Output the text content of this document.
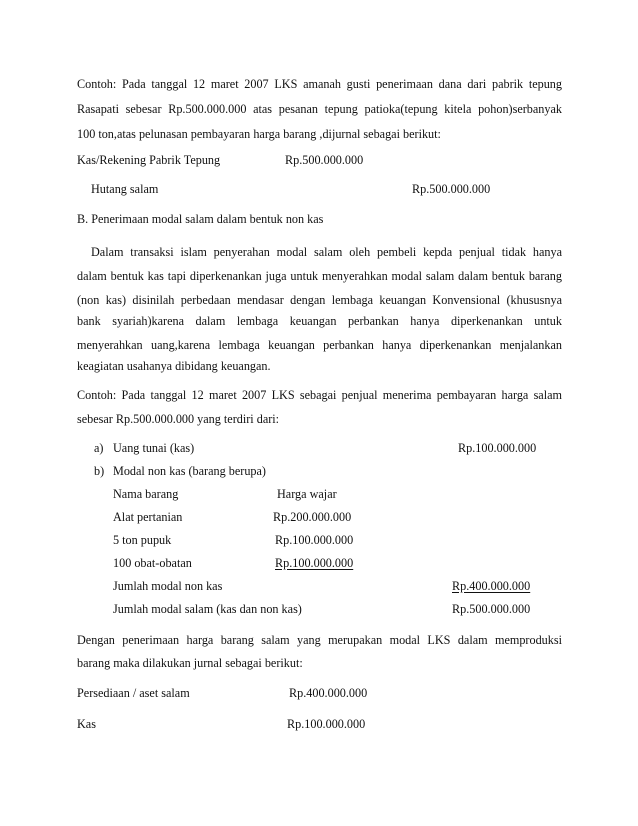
Contoh: Pada tanggal 12 maret 2007 LKS amanah gusti penerimaan dana dari pabrik tepung
Rasapati sebesar Rp.500.000.000 atas pesanan tepung patioka(tepung kitela pohon)serbanyak
100 ton,atas pelunasan pembayaran harga barang ,dijurnal sebagai berikut:
Kas/Rekening Pabrik Tepung	Rp.500.000.000
Hutang salam	Rp.500.000.000
B. Penerimaan modal salam dalam bentuk non kas
Dalam transaksi islam penyerahan modal salam oleh pembeli kepda penjual tidak hanya
dalam bentuk kas tapi diperkenankan juga untuk menyerahkan modal salam dalam bentuk barang
(non kas) disinilah perbedaan mendasar dengan lembaga keuangan Konvensional (khususnya
bank syariah)karena dalam lembaga keuangan perbankan hanya diperkenankan untuk
menyerahkan uang,karena lembaga keuangan perbankan hanya diperkenankan menjalankan
keagiatan usahanya dibidang keuangan.
Contoh: Pada tanggal 12 maret 2007 LKS sebagai penjual menerima pembayaran harga salam
sebesar Rp.500.000.000 yang terdiri dari:
a) Uang tunai (kas)	Rp.100.000.000
b) Modal non kas (barang berupa)
Nama barang	Harga wajar
Alat pertanian	Rp.200.000.000
5 ton pupuk	Rp.100.000.000
100 obat-obatan	Rp.100.000.000
Jumlah modal non kas	Rp.400.000.000
Jumlah modal salam (kas dan non kas)	Rp.500.000.000
Dengan penerimaan harga barang salam yang merupakan modal LKS dalam memproduksi
barang maka dilakukan jurnal sebagai berikut:
Persediaan / aset salam	Rp.400.000.000
Kas	Rp.100.000.000
